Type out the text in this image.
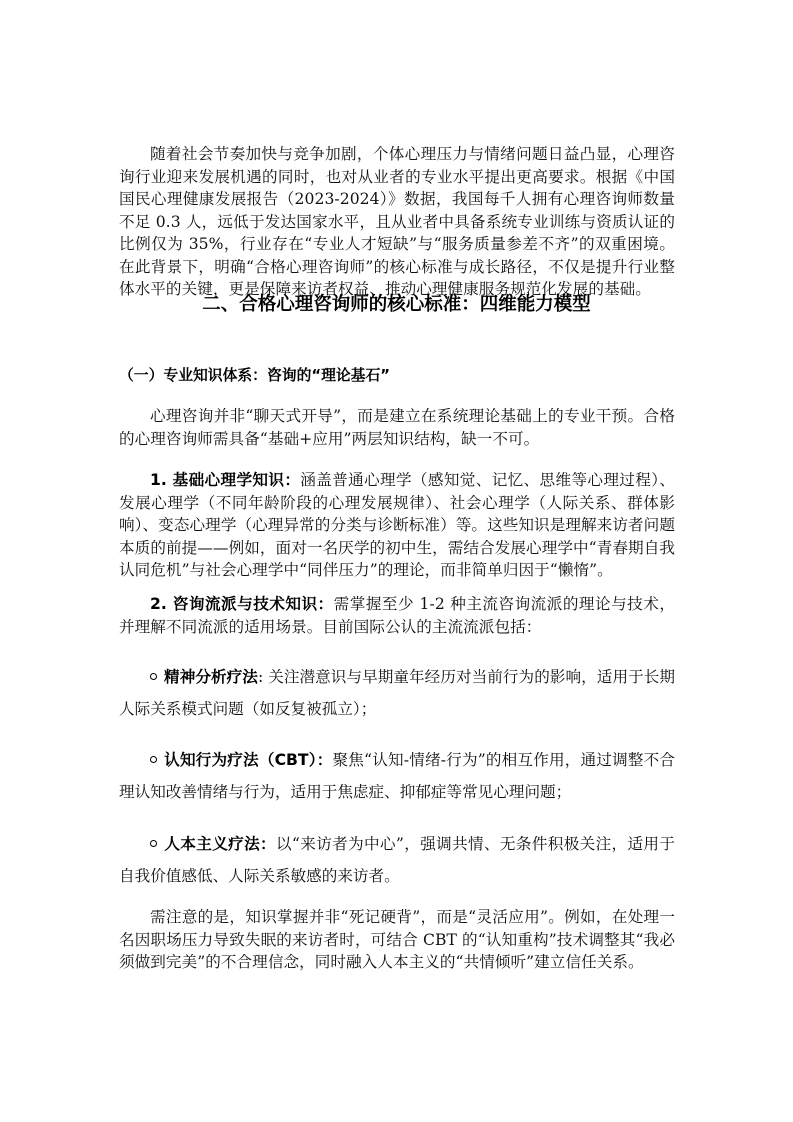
随着社会节奏加快与竞争加剧，个体心理压力与情绪问题日益凸显，心理咨询行业迎来发展机遇的同时，也对从业者的专业水平提出更高要求。根据《中国国民心理健康发展报告（2023-2024）》数据，我国每千人拥有心理咨询师数量不足 0.3 人，远低于发达国家水平，且从业者中具备系统专业训练与资质认证的比例仅为 35%，行业存在“专业人才短缺”与“服务质量参差不齐”的双重困境。在此背景下，明确“合格心理咨询师”的核心标准与成长路径，不仅是提升行业整体水平的关键，更是保障来访者权益、推动心理健康服务规范化发展的基础。

二、合格心理咨询师的核心标准：四维能力模型
（一）专业知识体系：咨询的“理论基石”

心理咨询并非“聊天式开导”，而是建立在系统理论基础上的专业干预。合格的心理咨询师需具备“基础+应用”两层知识结构，缺一不可。

1. 基础心理学知识：涵盖普通心理学（感知觉、记忆、思维等心理过程）、发展心理学（不同年龄阶段的心理发展规律）、社会心理学（人际关系、群体影响）、变态心理学（心理异常的分类与诊断标准）等。这些知识是理解来访者问题本质的前提——例如，面对一名厌学的初中生，需结合发展心理学中“青春期自我认同危机”与社会心理学中“同伴压力”的理论，而非简单归因于“懒惰”。

2. 咨询流派与技术知识：需掌握至少 1-2 种主流咨询流派的理论与技术，并理解不同流派的适用场景。目前国际公认的主流流派包括：

精神分析疗法: 关注潜意识与早期童年经历对当前行为的影响，适用于长期人际关系模式问题（如反复被孤立）；

认知行为疗法（CBT）：聚焦“认知-情绪-行为”的相互作用，通过调整不合理认知改善情绪与行为，适用于焦虑症、抑郁症等常见心理问题；

人本主义疗法：以“来访者为中心”，强调共情、无条件积极关注，适用于自我价值感低、人际关系敏感的来访者。

需注意的是，知识掌握并非“死记硬背”，而是“灵活应用”。例如，在处理一名因职场压力导致失眠的来访者时，可结合 CBT 的“认知重构”技术调整其“我必须做到完美”的不合理信念，同时融入人本主义的“共情倾听”建立信任关系。
